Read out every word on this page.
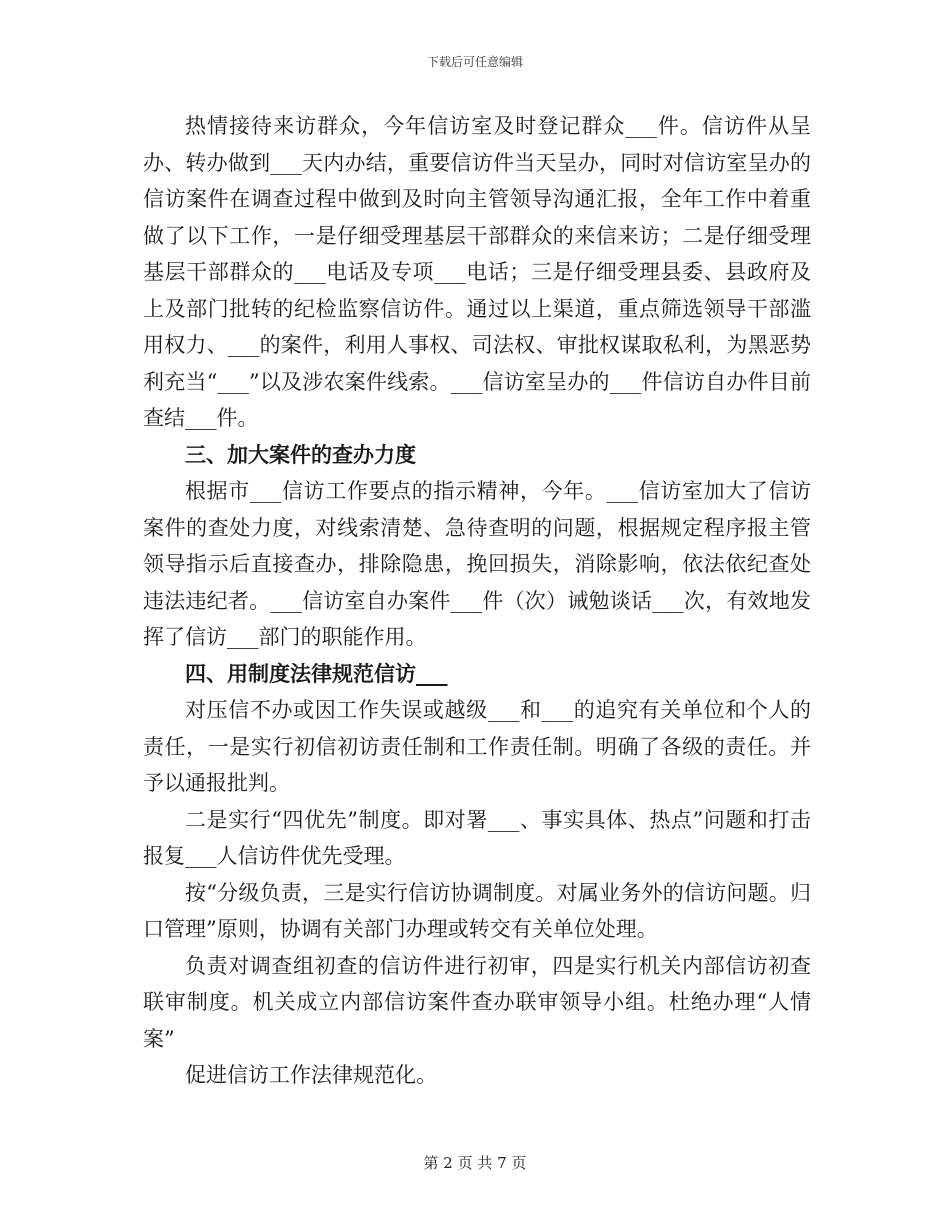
下载后可任意编辑

热情接待来访群众，今年信访室及时登记群众___件。信访件从呈办、转办做到___天内办结，重要信访件当天呈办，同时对信访室呈办的信访案件在调查过程中做到及时向主管领导沟通汇报，全年工作中着重做了以下工作，一是仔细受理基层干部群众的来信来访；二是仔细受理基层干部群众的___电话及专项___电话；三是仔细受理县委、县政府及上及部门批转的纪检监察信访件。通过以上渠道，重点筛选领导干部滥用权力、___的案件，利用人事权、司法权、审批权谋取私利，为黑恶势利充当“___”以及涉农案件线索。___信访室呈办的___件信访自办件目前查结___件。

三、加大案件的查办力度

根据市___信访工作要点的指示精神，今年。___信访室加大了信访案件的查处力度，对线索清楚、急待查明的问题，根据规定程序报主管领导指示后直接查办，排除隐患，挽回损失，消除影响，依法依纪查处违法违纪者。___信访室自办案件___件（次）诫勉谈话___次，有效地发挥了信访___部门的职能作用。

四、用制度法律规范信访___

对压信不办或因工作失误或越级___和___的追究有关单位和个人的责任，一是实行初信初访责任制和工作责任制。明确了各级的责任。并予以通报批判。

二是实行“四优先”制度。即对署___、事实具体、热点”问题和打击报复___人信访件优先受理。

按“分级负责，三是实行信访协调制度。对属业务外的信访问题。归口管理”原则，协调有关部门办理或转交有关单位处理。

负责对调查组初查的信访件进行初审，四是实行机关内部信访初查联审制度。机关成立内部信访案件查办联审领导小组。杜绝办理“人情案”

促进信访工作法律规范化。

第 2 页 共 7 页
